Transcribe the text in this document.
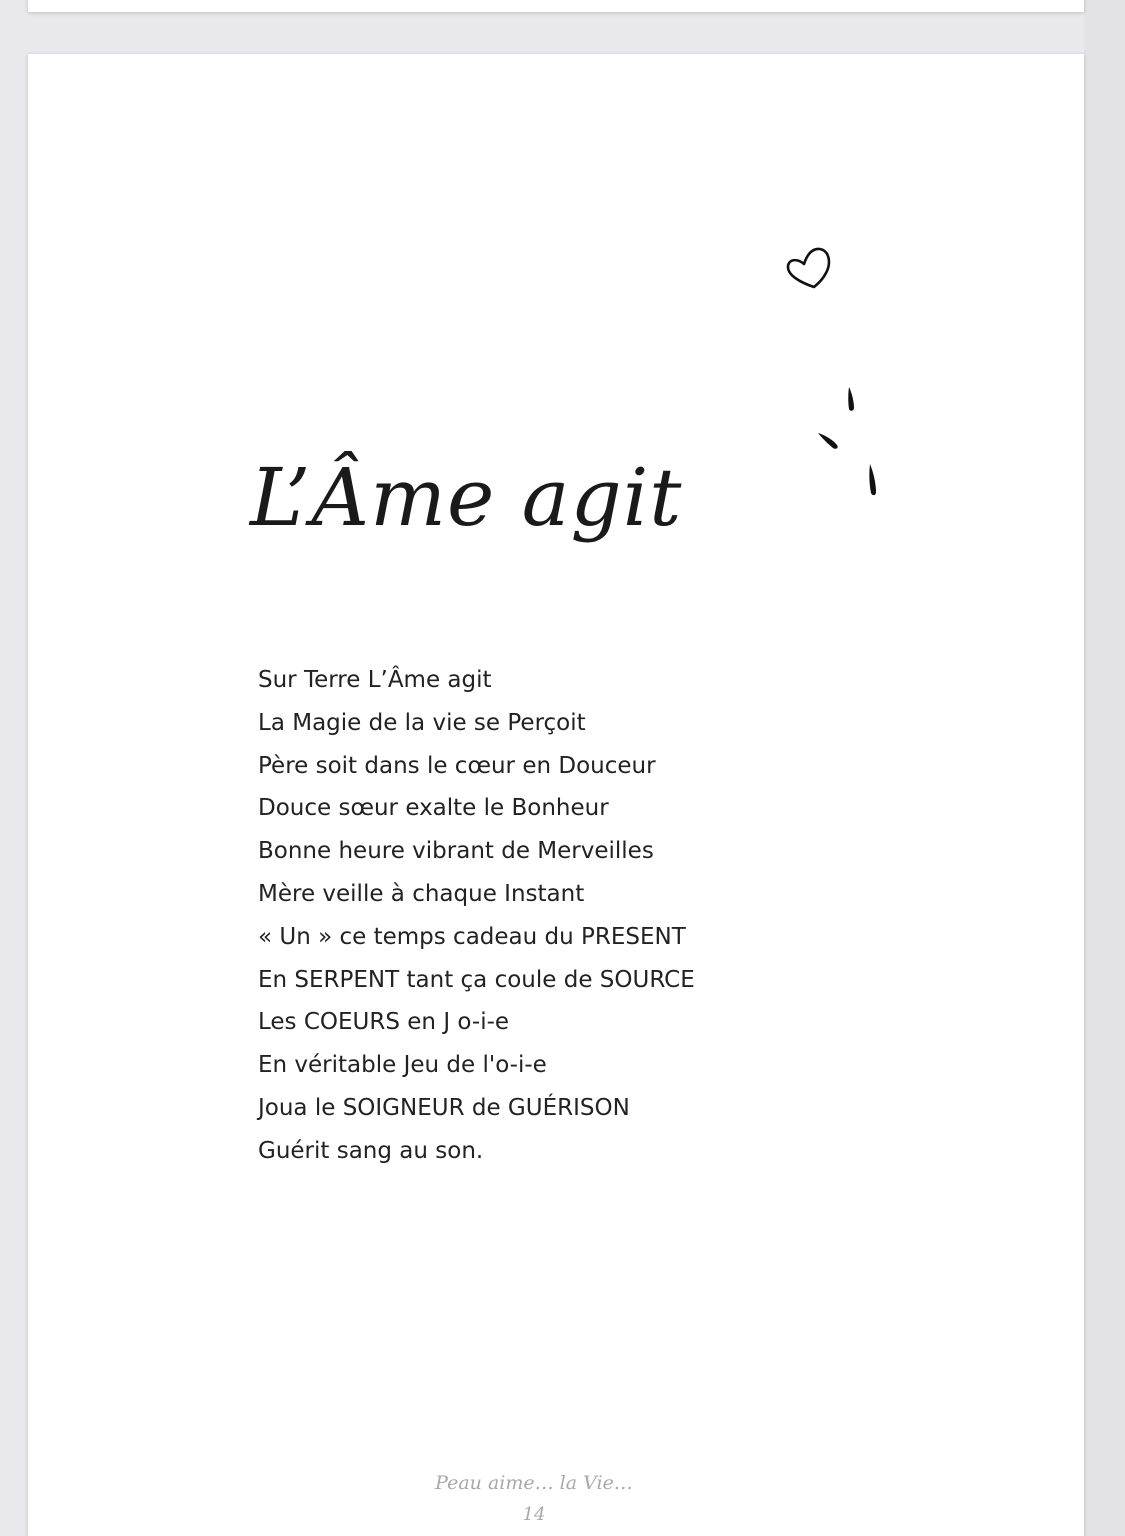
L’Âme agit
Sur Terre L’Âme agit
La Magie de la vie se Perçoit
Père soit dans le cœur en Douceur
Douce sœur exalte le Bonheur
Bonne heure vibrant de Merveilles
Mère veille à chaque Instant
« Un » ce temps cadeau du PRESENT
En SERPENT tant ça coule de SOURCE
Les COEURS en J o-i-e
En véritable Jeu de l'o-i-e
Joua le SOIGNEUR de GUÉRISON
Guérit sang au son.
Peau aime… la Vie…
14
